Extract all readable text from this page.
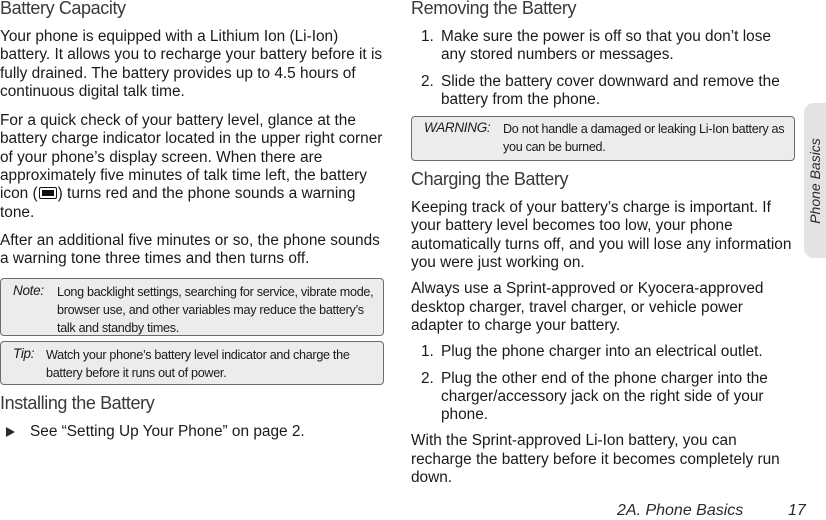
Battery Capacity

Your phone is equipped with a Lithium Ion (Li-Ion) battery. It allows you to recharge your battery before it is fully drained. The battery provides up to 4.5 hours of continuous digital talk time.

For a quick check of your battery level, glance at the battery charge indicator located in the upper right corner of your phone’s display screen. When there are approximately five minutes of talk time left, the battery icon ( ) turns red and the phone sounds a warning tone.

After an additional five minutes or so, the phone sounds a warning tone three times and then turns off.

Note: Long backlight settings, searching for service, vibrate mode, browser use, and other variables may reduce the battery’s talk and standby times.
Tip: Watch your phone’s battery level indicator and charge the battery before it runs out of power.
Installing the Battery
See “Setting Up Your Phone” on page 2.
Removing the Battery
1. Make sure the power is off so that you don’t lose any stored numbers or messages.
2. Slide the battery cover downward and remove the battery from the phone.
WARNING: Do not handle a damaged or leaking Li-Ion battery as you can be burned.
Charging the Battery

Keeping track of your battery’s charge is important. If your battery level becomes too low, your phone automatically turns off, and you will lose any information you were just working on.

Always use a Sprint-approved or Kyocera-approved desktop charger, travel charger, or vehicle power adapter to charge your battery.

1. Plug the phone charger into an electrical outlet.
2. Plug the other end of the phone charger into the charger/accessory jack on the right side of your phone.

With the Sprint-approved Li-Ion battery, you can recharge the battery before it becomes completely run down.

Phone Basics
2A. Phone Basics	17
